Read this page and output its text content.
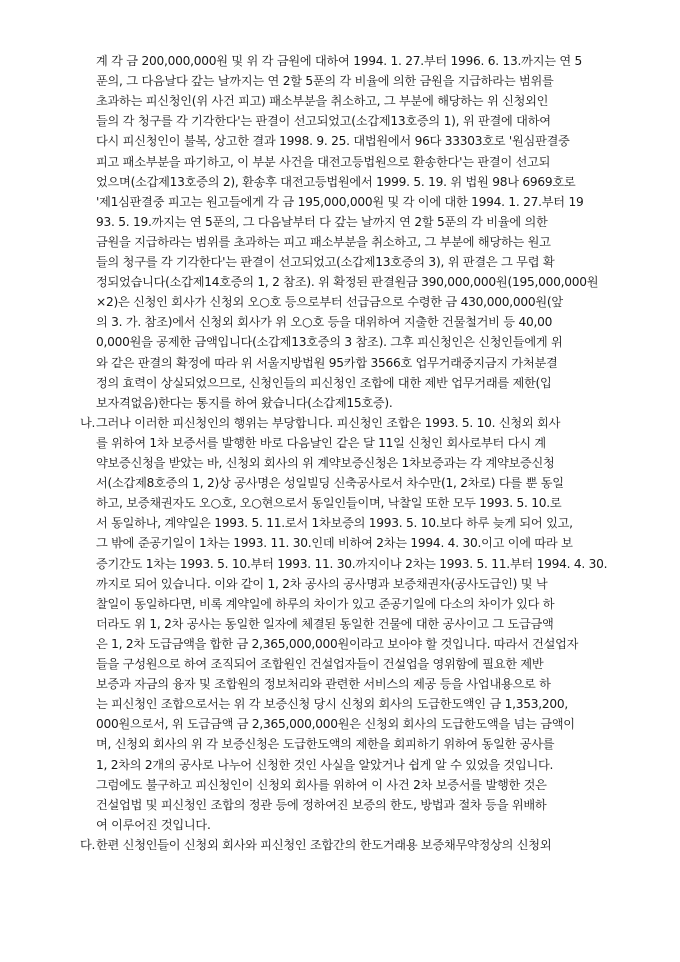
계 각 금 200,000,000원 및 위 각 금원에 대하여 1994. 1. 27.부터 1996. 6. 13.까지는 연 5
푼의, 그 다음날다 갚는 날까지는 연 2할 5푼의 각 비율에 의한 금원을 지급하라는 범위를
초과하는 피신청인(위 사건 피고) 패소부분을 취소하고, 그 부분에 해당하는 위 신청외인
들의 각 청구를 각 기각한다'는 판결이 선고되었고(소갑제13호증의 1), 위 판결에 대하여
다시 피신청인이 불복, 상고한 결과 1998. 9. 25. 대법원에서 96다 33303호로 '원심판결중
피고 패소부분을 파기하고, 이 부분 사건을 대전고등법원으로 환송한다'는 판결이 선고되
었으며(소갑제13호증의 2), 환송후 대전고등법원에서 1999. 5. 19. 위 법원 98나 6969호로
'제1심판결중 피고는 원고들에게 각 금 195,000,000원 및 각 이에 대한 1994. 1. 27.부터 19
93. 5. 19.까지는 연 5푼의, 그 다음날부터 다 갚는 날까지 연 2할 5푼의 각 비율에 의한
금원을 지급하라는 범위를 초과하는 피고 패소부분을 취소하고, 그 부분에 해당하는 원고
들의 청구를 각 기각한다'는 판결이 선고되었고(소갑제13호증의 3), 위 판결은 그 무렵 확
정되었습니다(소갑제14호증의 1, 2 참조). 위 확정된 판결원금 390,000,000원(195,000,000원
×2)은 신청인 회사가 신청외 오○호 등으로부터 선급금으로 수령한 금 430,000,000원(앞
의 3. 가. 참조)에서 신청외 회사가 위 오○호 등을 대위하여 지출한 건물철거비 등 40,00
0,000원을 공제한 금액입니다(소갑제13호증의 3 참조). 그후 피신청인은 신청인들에게 위
와 같은 판결의 확정에 따라 위 서울지방법원 95카합 3566호 업무거래중지금지 가처분결
정의 효력이 상실되었으므로, 신청인들의 피신청인 조합에 대한 제반 업무거래를 제한(입
보자격없음)한다는 통지를 하여 왔습니다(소갑제15호증).
나.그러나 이러한 피신청인의 행위는 부당합니다. 피신청인 조합은 1993. 5. 10. 신청외 회사
를 위하여 1차 보증서를 발행한 바로 다음날인 같은 달 11일 신청인 회사로부터 다시 계
약보증신청을 받았는 바, 신청외 회사의 위 계약보증신청은 1차보증과는 각 계약보증신청
서(소갑제8호증의 1, 2)상 공사명은 성일빌딩 신축공사로서 차수만(1, 2차로) 다를 뿐 동일
하고, 보증채권자도 오○호, 오○현으로서 동일인들이며, 낙찰일 또한 모두 1993. 5. 10.로
서 동일하나, 계약일은 1993. 5. 11.로서 1차보증의 1993. 5. 10.보다 하루 늦게 되어 있고,
그 밖에 준공기일이 1차는 1993. 11. 30.인데 비하여 2차는 1994. 4. 30.이고 이에 따라 보
증기간도 1차는 1993. 5. 10.부터 1993. 11. 30.까지이나 2차는 1993. 5. 11.부터 1994. 4. 30.
까지로 되어 있습니다. 이와 같이 1, 2차 공사의 공사명과 보증채권자(공사도급인) 및 낙
찰일이 동일하다면, 비록 계약일에 하루의 차이가 있고 준공기일에 다소의 차이가 있다 하
더라도 위 1, 2차 공사는 동일한 일자에 체결된 동일한 건물에 대한 공사이고 그 도급금액
은 1, 2차 도급금액을 합한 금 2,365,000,000원이라고 보아야 할 것입니다. 따라서 건설업자
들을 구성원으로 하여 조직되어 조합원인 건설업자들이 건설업을 영위함에 필요한 제반
보증과 자금의 융자 및 조합원의 정보처리와 관련한 서비스의 제공 등을 사업내용으로 하
는 피신청인 조합으로서는 위 각 보증신청 당시 신청외 회사의 도급한도액인 금 1,353,200,
000원으로서, 위 도급금액 금 2,365,000,000원은 신청외 회사의 도급한도액을 넘는 금액이
며, 신청외 회사의 위 각 보증신청은 도급한도액의 제한을 회피하기 위하여 동일한 공사를
1, 2차의 2개의 공사로 나누어 신청한 것인 사실을 알았거나 쉽게 알 수 있었을 것입니다.
그럼에도 불구하고 피신청인이 신청외 회사를 위하여 이 사건 2차 보증서를 발행한 것은
건설업법 및 피신청인 조합의 정관 등에 정하여진 보증의 한도, 방법과 절차 등을 위배하
여 이루어진 것입니다.
다.한편 신청인들이 신청외 회사와 피신청인 조합간의 한도거래용 보증채무약정상의 신청외
